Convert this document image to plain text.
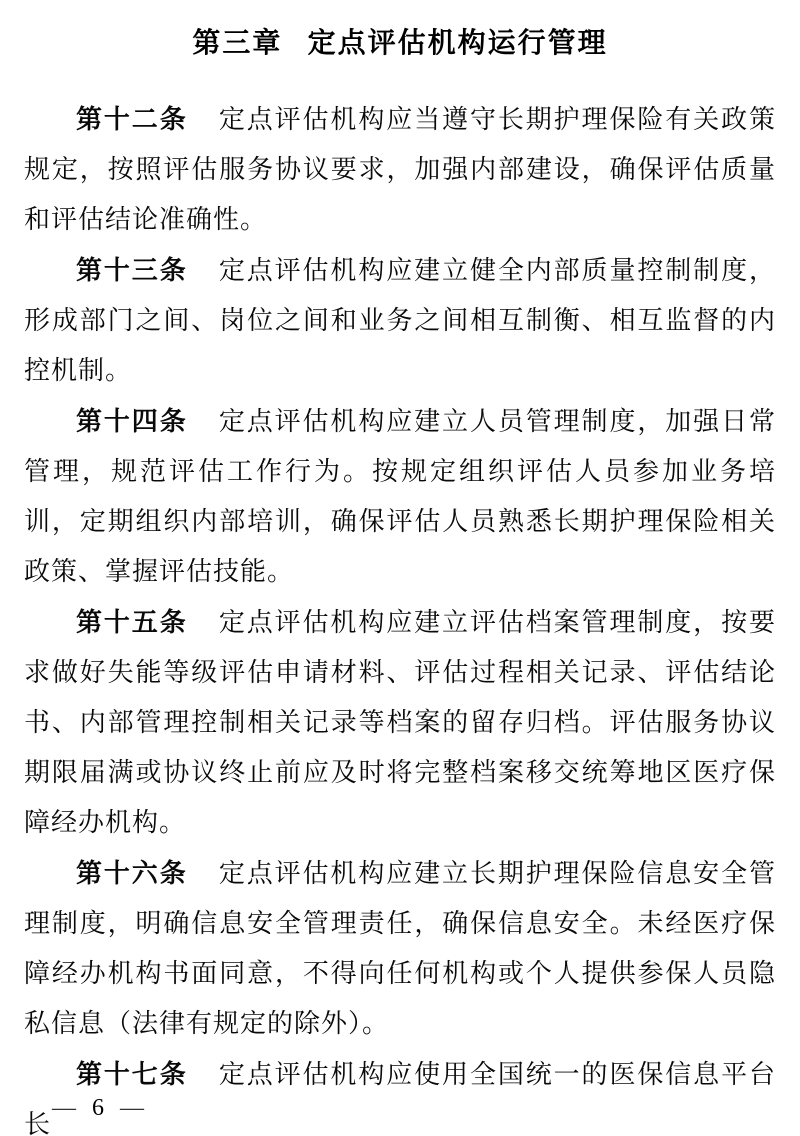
第三章 定点评估机构运行管理

第十二条 定点评估机构应当遵守长期护理保险有关政策规定，按照评估服务协议要求，加强内部建设，确保评估质量和评估结论准确性。

第十三条 定点评估机构应建立健全内部质量控制制度，形成部门之间、岗位之间和业务之间相互制衡、相互监督的内控机制。

第十四条 定点评估机构应建立人员管理制度，加强日常管理，规范评估工作行为。按规定组织评估人员参加业务培训，定期组织内部培训，确保评估人员熟悉长期护理保险相关政策、掌握评估技能。

第十五条 定点评估机构应建立评估档案管理制度，按要求做好失能等级评估申请材料、评估过程相关记录、评估结论书、内部管理控制相关记录等档案的留存归档。评估服务协议期限届满或协议终止前应及时将完整档案移交统筹地区医疗保障经办机构。

第十六条 定点评估机构应建立长期护理保险信息安全管理制度，明确信息安全管理责任，确保信息安全。未经医疗保障经办机构书面同意，不得向任何机构或个人提供参保人员隐私信息（法律有规定的除外）。

第十七条 定点评估机构应使用全国统一的医保信息平台长

— 6 —
